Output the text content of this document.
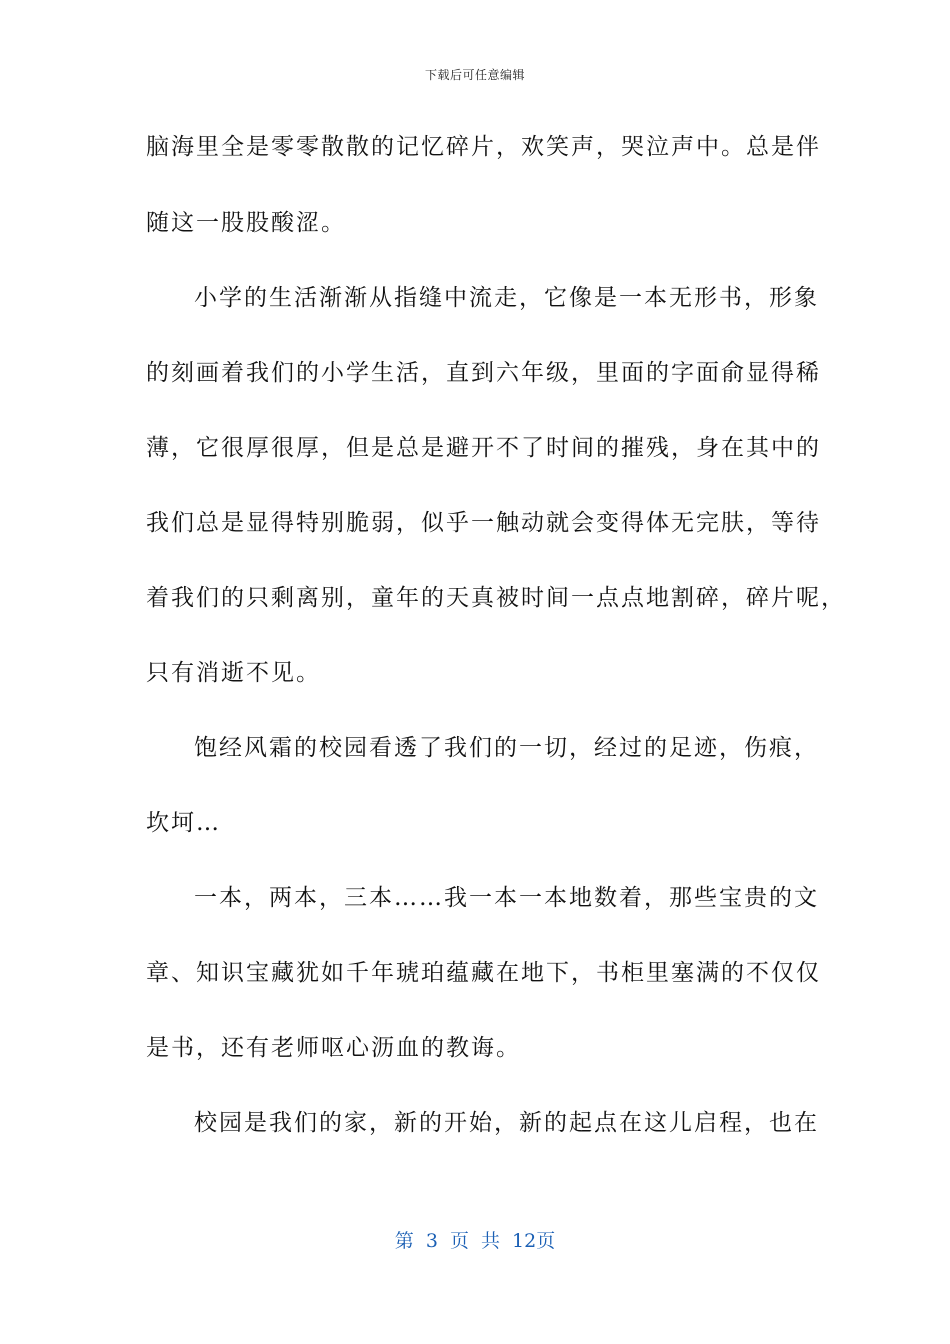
下载后可任意编辑
脑海里全是零零散散的记忆碎片，欢笑声，哭泣声中。总是伴
随这一股股酸涩。
小学的生活渐渐从指缝中流走，它像是一本无形书，形象
的刻画着我们的小学生活，直到六年级，里面的字面俞显得稀
薄，它很厚很厚，但是总是避开不了时间的摧残，身在其中的
我们总是显得特别脆弱，似乎一触动就会变得体无完肤，等待
着我们的只剩离别，童年的天真被时间一点点地割碎，碎片呢，
只有消逝不见。
饱经风霜的校园看透了我们的一切，经过的足迹，伤痕，
坎坷…
一本，两本，三本……我一本一本地数着，那些宝贵的文
章、知识宝藏犹如千年琥珀蕴藏在地下，书柜里塞满的不仅仅
是书，还有老师呕心沥血的教诲。
校园是我们的家，新的开始，新的起点在这儿启程，也在
第 3 页 共 12页
